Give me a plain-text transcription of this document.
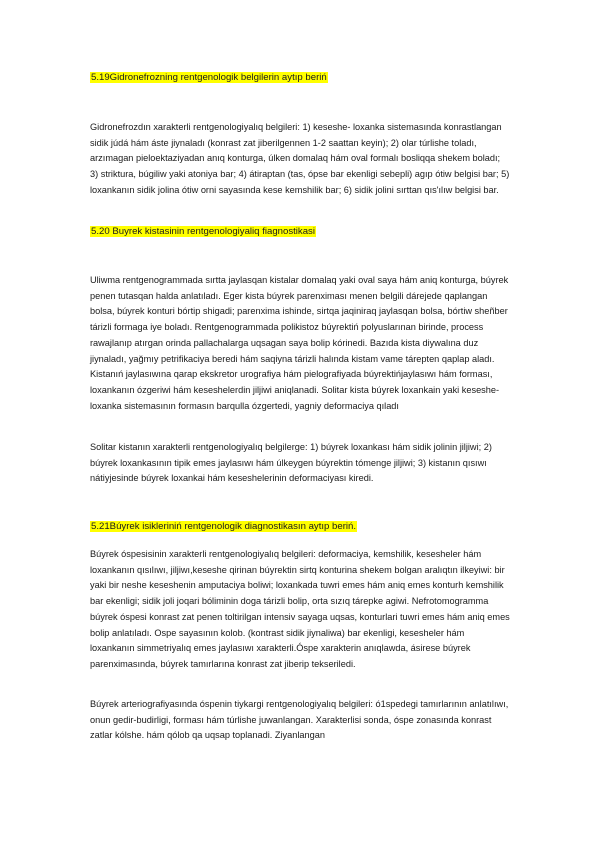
5.19Gidronefrozning rentgenologik belgilerin aytıp beriń

Gidronefrozdın xarakterli rentgenologiyalıq belgileri: 1) keseshe- loxanka sistemasında konrastlangan sidik júdá hám áste jiynaladı (konrast zat jiberilgennen 1-2 saattan keyin); 2) olar túrlishe toladı, arzımagan pieloektaziyadan anıq konturga, úlken domalaq hám oval formalı bosliqqa shekem boladı; 3) striktura, búgiliw yaki atoniya bar; 4) átiraptan (tas, ópse bar ekenligi sebepli) agıp ótiw belgisi bar; 5) loxankanın sidik jolina ótiw orni sayasında kese kemshilik bar; 6) sidik jolini sırttan qıs'ılıw belgisi bar.

5.20 Buyrek kistasinin rentgenologiyaliq fiagnostikasi

Uliwma rentgenogrammada sırtta jaylasqan kistalar domalaq yaki oval saya hám aniq konturga, búyrek penen tutasqan halda anlatıladı. Eger kista búyrek parenximası menen belgili dárejede qaplangan bolsa, búyrek konturi bórtip shigadi; parenxima ishinde, sirtqa jaqiniraq jaylasqan bolsa, bórtiw sheñber tárizli formaga iye boladı. Rentgenogrammada polikistoz búyrektiń polyuslarınan birinde, process rawajlanıp atırgan orinda pallachalarga uqsagan saya bolip kórinedi. Bazıda kista diywalına duz jiynaladı, yağmıy petrifikaciya beredi hám saqiyna tárizli halında kistam vame tárepten qaplap aladı. Kistanıń jaylasıwına qarap ekskretor urografiya hám pielografiyada búyrektińjaylasıwı hám forması, loxankanın ózgeriwi hám keseshelerdin jiljiwi aniqlanadi. Solitar kista búyrek loxankain yaki keseshe-loxanka sistemasının formasın barqulla ózgertedi, yagniy deformaciya qıladı

Solitar kistanın xarakterli rentgenologiyalıq belgilerge: 1) búyrek loxankası hám sidik jolinin jiljiwi; 2) búyrek loxankasının tipik emes jaylasıwı hám úlkeygen búyrektin tómenge jiljiwi; 3) kistanın qısıwı nátiyjesinde búyrek loxankai hám keseshelerinin deformaciyası kiredi.

5.21Búyrek isikleriniń rentgenologik diagnostikasın aytıp beriń.

Búyrek óspesisinin xarakterli rentgenologiyalıq belgileri: deformaciya, kemshilik, kesesheler hám loxankanın qısılıwı, jiljiwı,keseshe qirinan búyrektin sirtq konturina shekem bolgan aralıqtın ilkeyiwi: bir yaki bir neshe keseshenin amputaciya boliwi; loxankada tuwri emes hám aniq emes konturh kemshilik bar ekenligi; sidik joli joqari bóliminin doga tárizli bolip, orta sızıq tárepke agiwi. Nefrotomogramma búyrek óspesi konrast zat penen toltirilgan intensiv sayaga uqsas, konturlari tuwri emes hám aniq emes bolip anlatıladı. Ospe sayasının kolob. (kontrast sidik jiynaliwa) bar ekenligi, kesesheler hám loxankanın simmetriyalıq emes jaylasıwı xarakterli.Óspe xarakterin anıqlawda, ásirese búyrek parenximasında, búyrek tamırlarına konrast zat jiberip tekseriledi.

Búyrek arteriografiyasında óspenin tiykargi rentgenologiyalıq belgileri: ó1spedegi tamırlarının anlatılıwı, onun gedir-budirligi, forması hám túrlishe juwanlangan. Xarakterlisi sonda, óspe zonasında konrast zatlar kólshe. hám qólob qa uqsap toplanadi. Ziyanlangan
